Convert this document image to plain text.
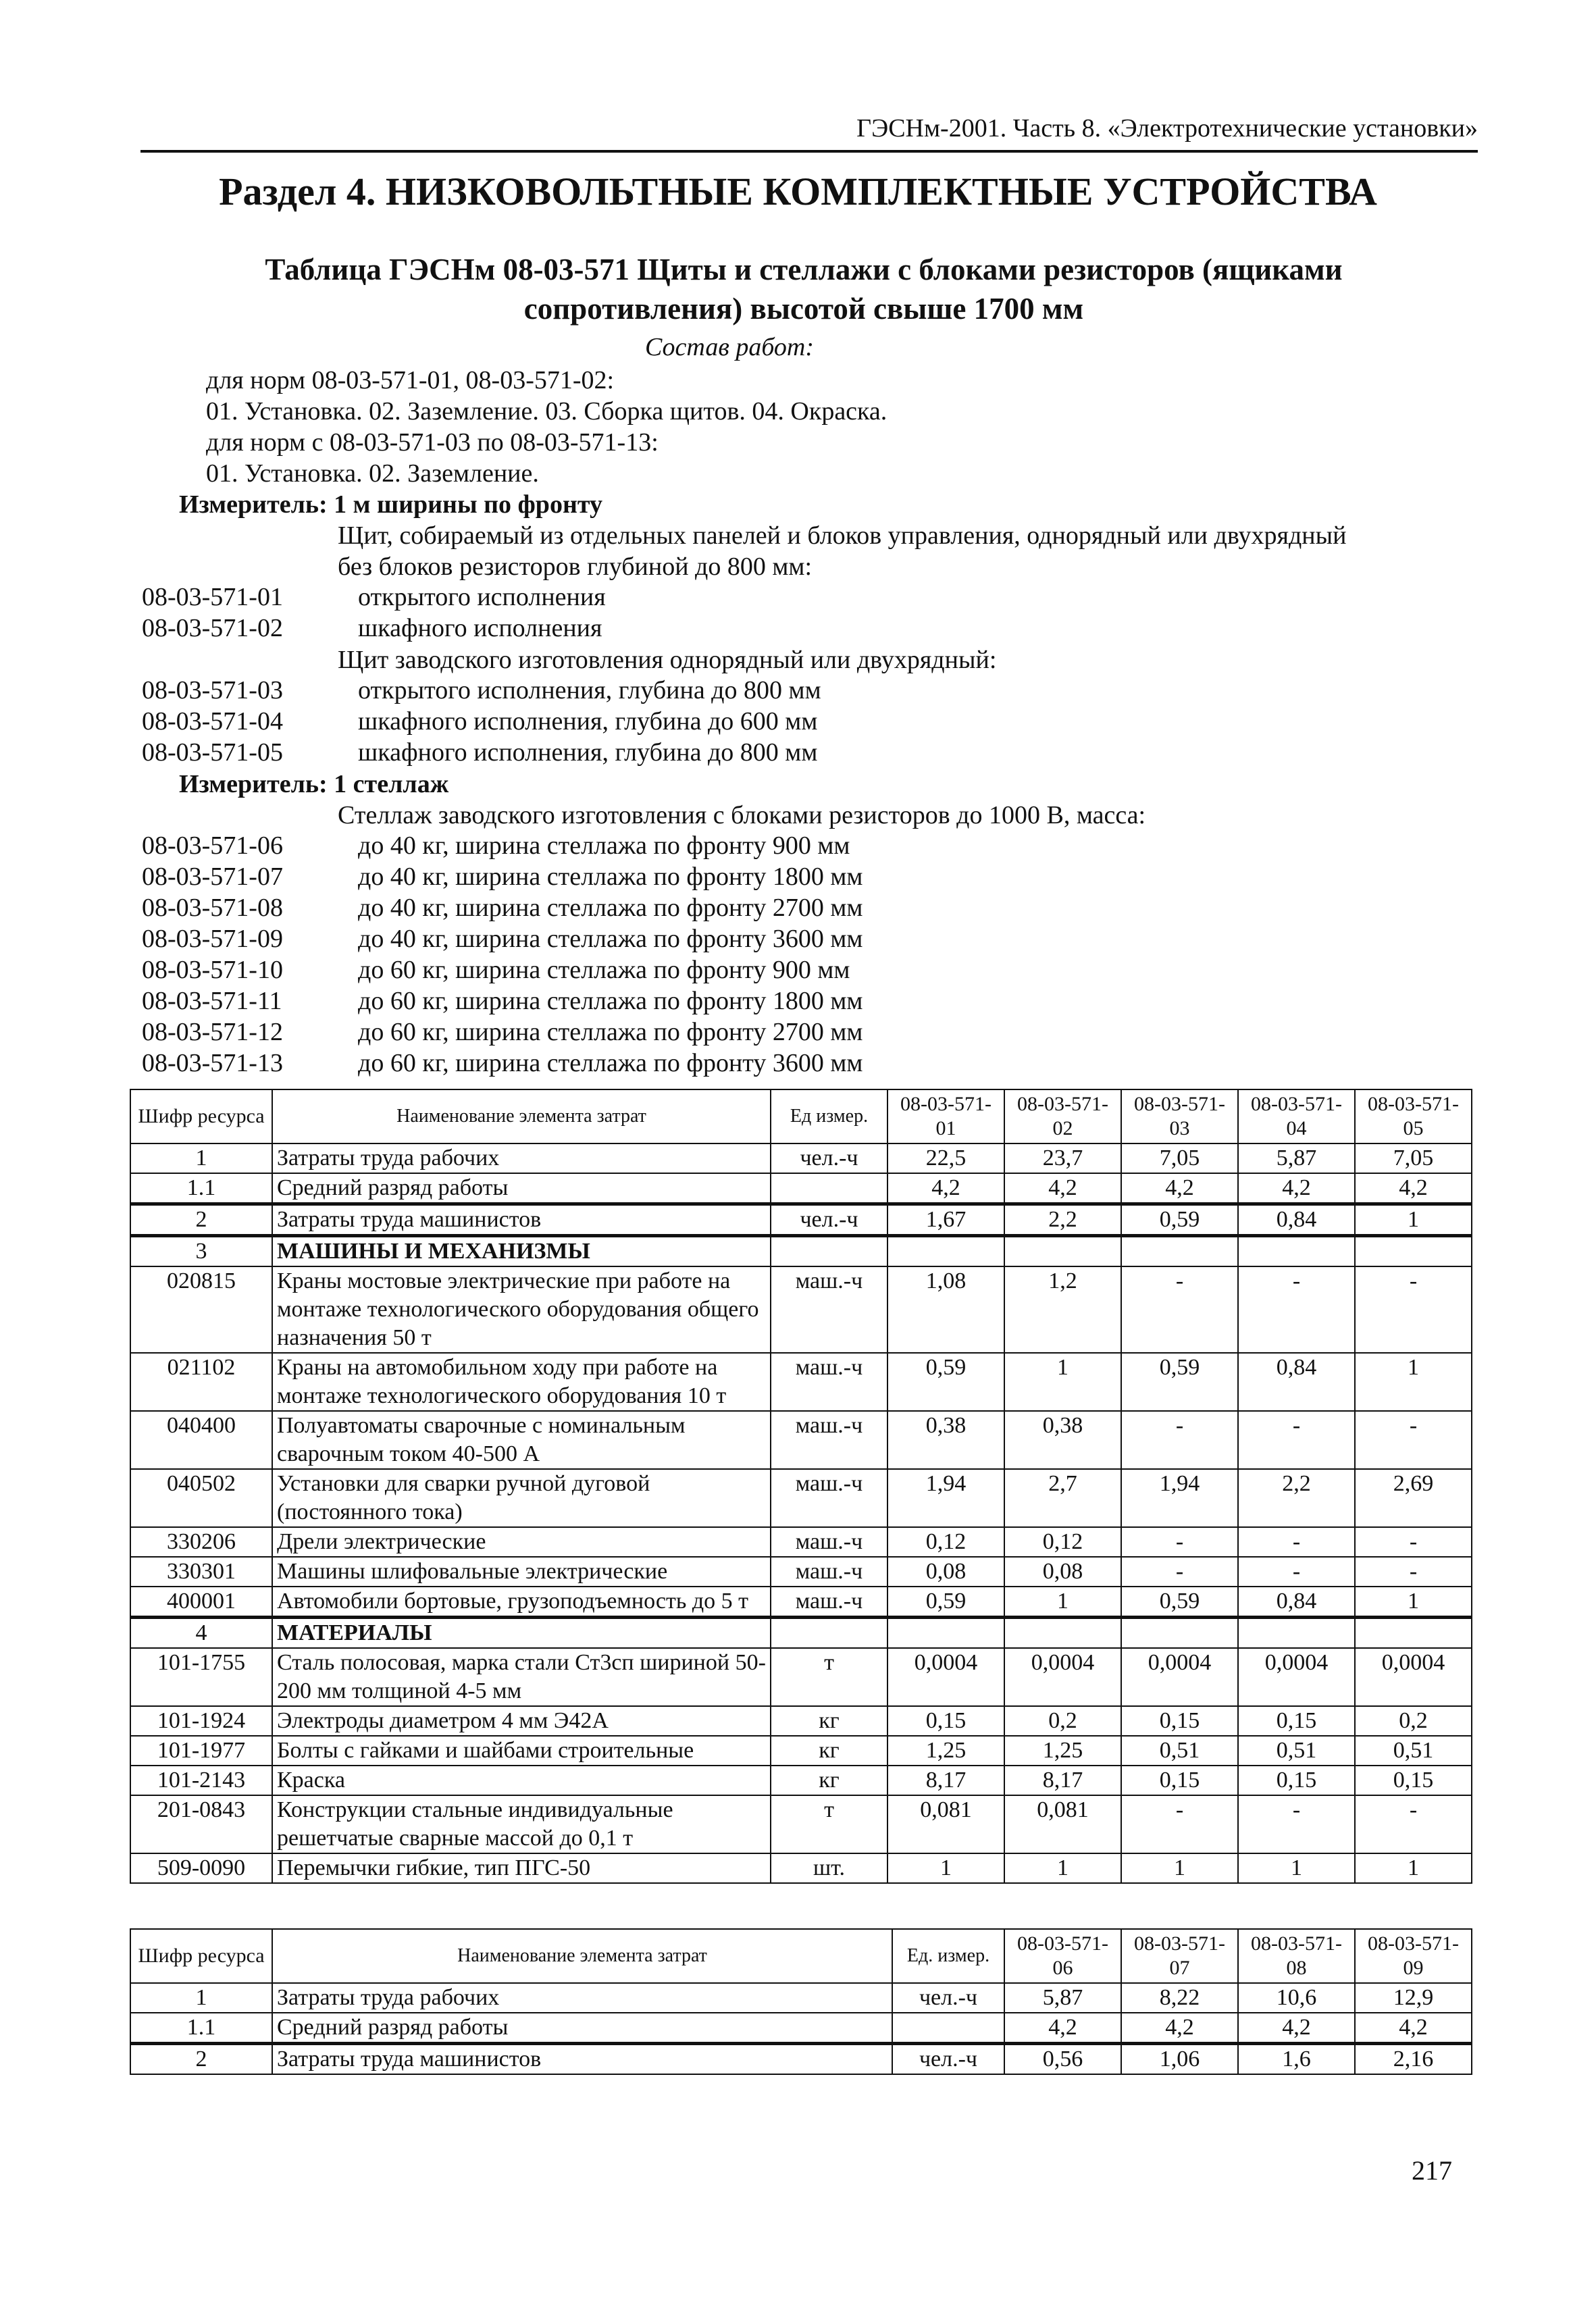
ГЭСНм-2001. Часть 8. «Электротехнические установки»
Раздел 4. НИЗКОВОЛЬТНЫЕ КОМПЛЕКТНЫЕ УСТРОЙСТВА
Таблица ГЭСНм 08-03-571 Щиты и стеллажи с блоками резисторов (ящиками
сопротивления) высотой свыше 1700 мм
Состав работ:
для норм 08-03-571-01, 08-03-571-02:
01. Установка. 02. Заземление. 03. Сборка щитов. 04. Окраска.
для норм с 08-03-571-03 по 08-03-571-13:
01. Установка. 02. Заземление.
Измеритель: 1 м ширины по фронту
Щит, собираемый из отдельных панелей и блоков управления, однорядный или двухрядный
без блоков резисторов глубиной до 800 мм:
08-03-571-01	открытого исполнения
08-03-571-02	шкафного исполнения
Щит заводского изготовления однорядный или двухрядный:
08-03-571-03	открытого исполнения, глубина до 800 мм
08-03-571-04	шкафного исполнения, глубина до 600 мм
08-03-571-05	шкафного исполнения, глубина до 800 мм
Измеритель: 1 стеллаж
Стеллаж заводского изготовления с блоками резисторов до 1000 В, масса:
08-03-571-06	до 40 кг, ширина стеллажа по фронту 900 мм
08-03-571-07	до 40 кг, ширина стеллажа по фронту 1800 мм
08-03-571-08	до 40 кг, ширина стеллажа по фронту 2700 мм
08-03-571-09	до 40 кг, ширина стеллажа по фронту 3600 мм
08-03-571-10	до 60 кг, ширина стеллажа по фронту 900 мм
08-03-571-11	до 60 кг, ширина стеллажа по фронту 1800 мм
08-03-571-12	до 60 кг, ширина стеллажа по фронту 2700 мм
08-03-571-13	до 60 кг, ширина стеллажа по фронту 3600 мм
Шифр ресурса	Наименование элемента затрат	Ед измер.	08-03-571-01	08-03-571-02	08-03-571-03	08-03-571-04	08-03-571-05
1	Затраты труда рабочих	чел.-ч	22,5	23,7	7,05	5,87	7,05
1.1	Средний разряд работы		4,2	4,2	4,2	4,2	4,2
2	Затраты труда машинистов	чел.-ч	1,67	2,2	0,59	0,84	1
3	МАШИНЫ И МЕХАНИЗМЫ						
020815	Краны мостовые электрические при работе на монтаже технологического оборудования общего назначения 50 т	маш.-ч	1,08	1,2	-	-	-
021102	Краны на автомобильном ходу при работе на монтаже технологического оборудования 10 т	маш.-ч	0,59	1	0,59	0,84	1
040400	Полуавтоматы сварочные с номинальным сварочным током 40-500 А	маш.-ч	0,38	0,38	-	-	-
040502	Установки для сварки ручной дуговой (постоянного тока)	маш.-ч	1,94	2,7	1,94	2,2	2,69
330206	Дрели электрические	маш.-ч	0,12	0,12	-	-	-
330301	Машины шлифовальные электрические	маш.-ч	0,08	0,08	-	-	-
400001	Автомобили бортовые, грузоподъемность до 5 т	маш.-ч	0,59	1	0,59	0,84	1
4	МАТЕРИАЛЫ						
101-1755	Сталь полосовая, марка стали Ст3сп шириной 50-200 мм толщиной 4-5 мм	т	0,0004	0,0004	0,0004	0,0004	0,0004
101-1924	Электроды диаметром 4 мм Э42А	кг	0,15	0,2	0,15	0,15	0,2
101-1977	Болты с гайками и шайбами строительные	кг	1,25	1,25	0,51	0,51	0,51
101-2143	Краска	кг	8,17	8,17	0,15	0,15	0,15
201-0843	Конструкции стальные индивидуальные решетчатые сварные массой до 0,1 т	т	0,081	0,081	-	-	-
509-0090	Перемычки гибкие, тип ПГС-50	шт.	1	1	1	1	1
Шифр ресурса	Наименование элемента затрат	Ед. измер.	08-03-571-06	08-03-571-07	08-03-571-08	08-03-571-09
1	Затраты труда рабочих	чел.-ч	5,87	8,22	10,6	12,9
1.1	Средний разряд работы		4,2	4,2	4,2	4,2
2	Затраты труда машинистов	чел.-ч	0,56	1,06	1,6	2,16
217
